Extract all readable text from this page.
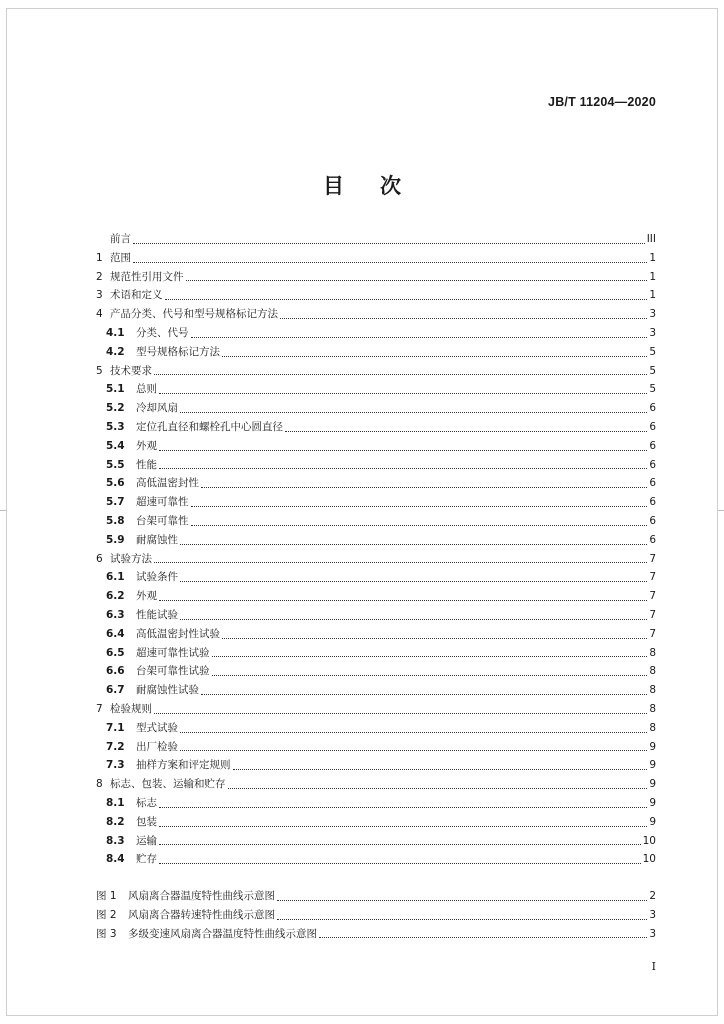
JB/T 11204—2020
目 次
前言	III
1 范围	1
2 规范性引用文件	1
3 术语和定义	1
4 产品分类、代号和型号规格标记方法	3
4.1	分类、代号	3
4.2	型号规格标记方法	5
5 技术要求	5
5.1	总则	5
5.2	冷却风扇	6
5.3	定位孔直径和螺栓孔中心圆直径	6
5.4	外观	6
5.5	性能	6
5.6	高低温密封性	6
5.7	超速可靠性	6
5.8	台架可靠性	6
5.9	耐腐蚀性	6
6 试验方法	7
6.1	试验条件	7
6.2	外观	7
6.3	性能试验	7
6.4	高低温密封性试验	7
6.5	超速可靠性试验	8
6.6	台架可靠性试验	8
6.7	耐腐蚀性试验	8
7 检验规则	8
7.1	型式试验	8
7.2	出厂检验	9
7.3	抽样方案和评定规则	9
8 标志、包装、运输和贮存	9
8.1	标志	9
8.2	包装	9
8.3	运输	10
8.4	贮存	10
图 1	风扇离合器温度特性曲线示意图	2
图 2	风扇离合器转速特性曲线示意图	3
图 3	多级变速风扇离合器温度特性曲线示意图	3
I
